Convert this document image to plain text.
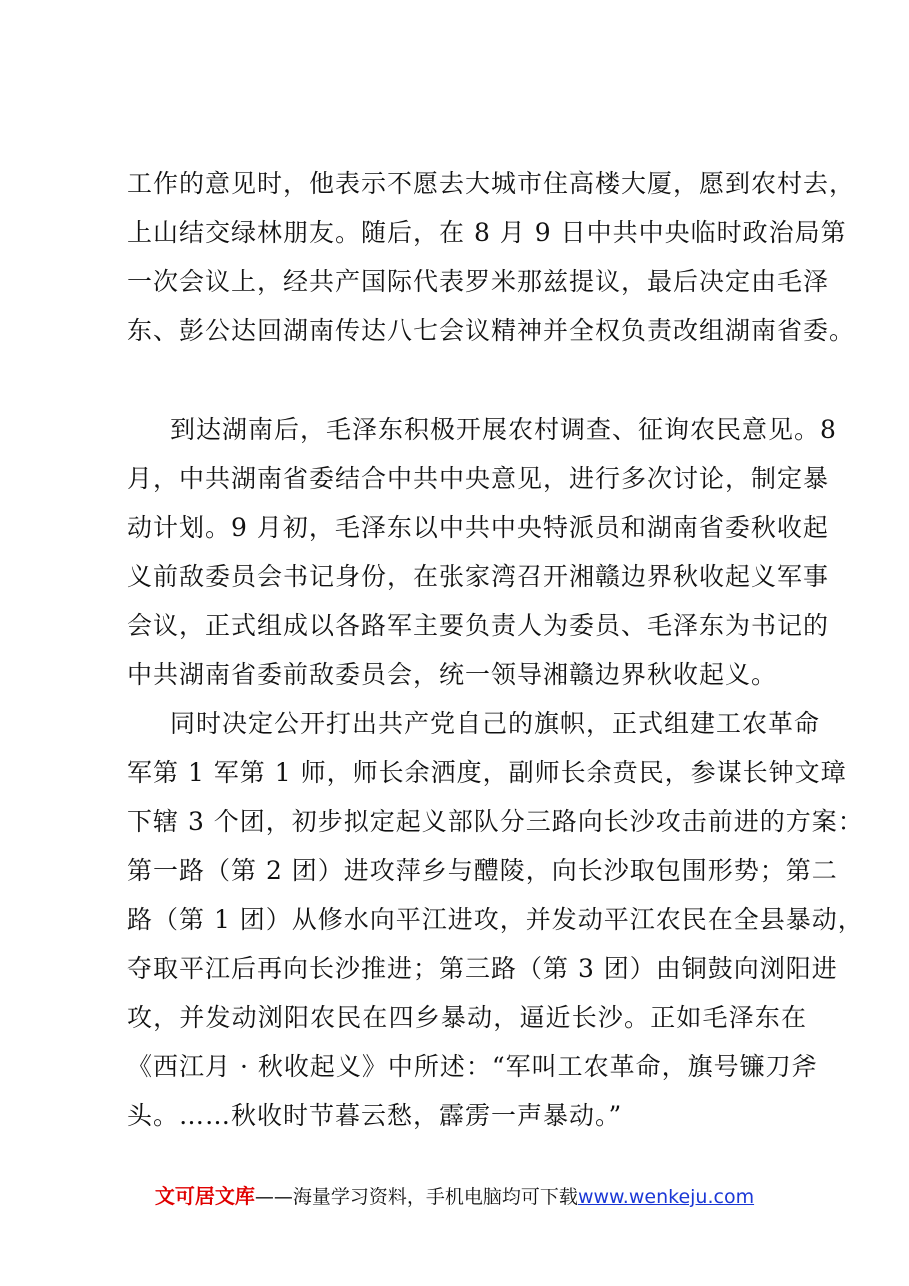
工作的意见时，他表示不愿去大城市住高楼大厦，愿到农村去，
上山结交绿林朋友。随后，在 8 月 9 日中共中央临时政治局第
一次会议上，经共产国际代表罗米那兹提议，最后决定由毛泽
东、彭公达回湖南传达八七会议精神并全权负责改组湖南省委。
到达湖南后，毛泽东积极开展农村调查、征询农民意见。8
月，中共湖南省委结合中共中央意见，进行多次讨论，制定暴
动计划。9 月初，毛泽东以中共中央特派员和湖南省委秋收起
义前敌委员会书记身份，在张家湾召开湘赣边界秋收起义军事
会议，正式组成以各路军主要负责人为委员、毛泽东为书记的
中共湖南省委前敌委员会，统一领导湘赣边界秋收起义。
同时决定公开打出共产党自己的旗帜，正式组建工农革命
军第 1 军第 1 师，师长余洒度，副师长余贲民，参谋长钟文璋
下辖 3 个团，初步拟定起义部队分三路向长沙攻击前进的方案：
第一路（第 2 团）进攻萍乡与醴陵，向长沙取包围形势；第二
路（第 1 团）从修水向平江进攻，并发动平江农民在全县暴动，
夺取平江后再向长沙推进；第三路（第 3 团）由铜鼓向浏阳进
攻，并发动浏阳农民在四乡暴动，逼近长沙。正如毛泽东在
《西江月 · 秋收起义》中所述：“军叫工农革命，旗号镰刀斧
头。……秋收时节暮云愁，霹雳一声暴动。”
文可居文库——海量学习资料，手机电脑均可下载www.wenkeju.com
